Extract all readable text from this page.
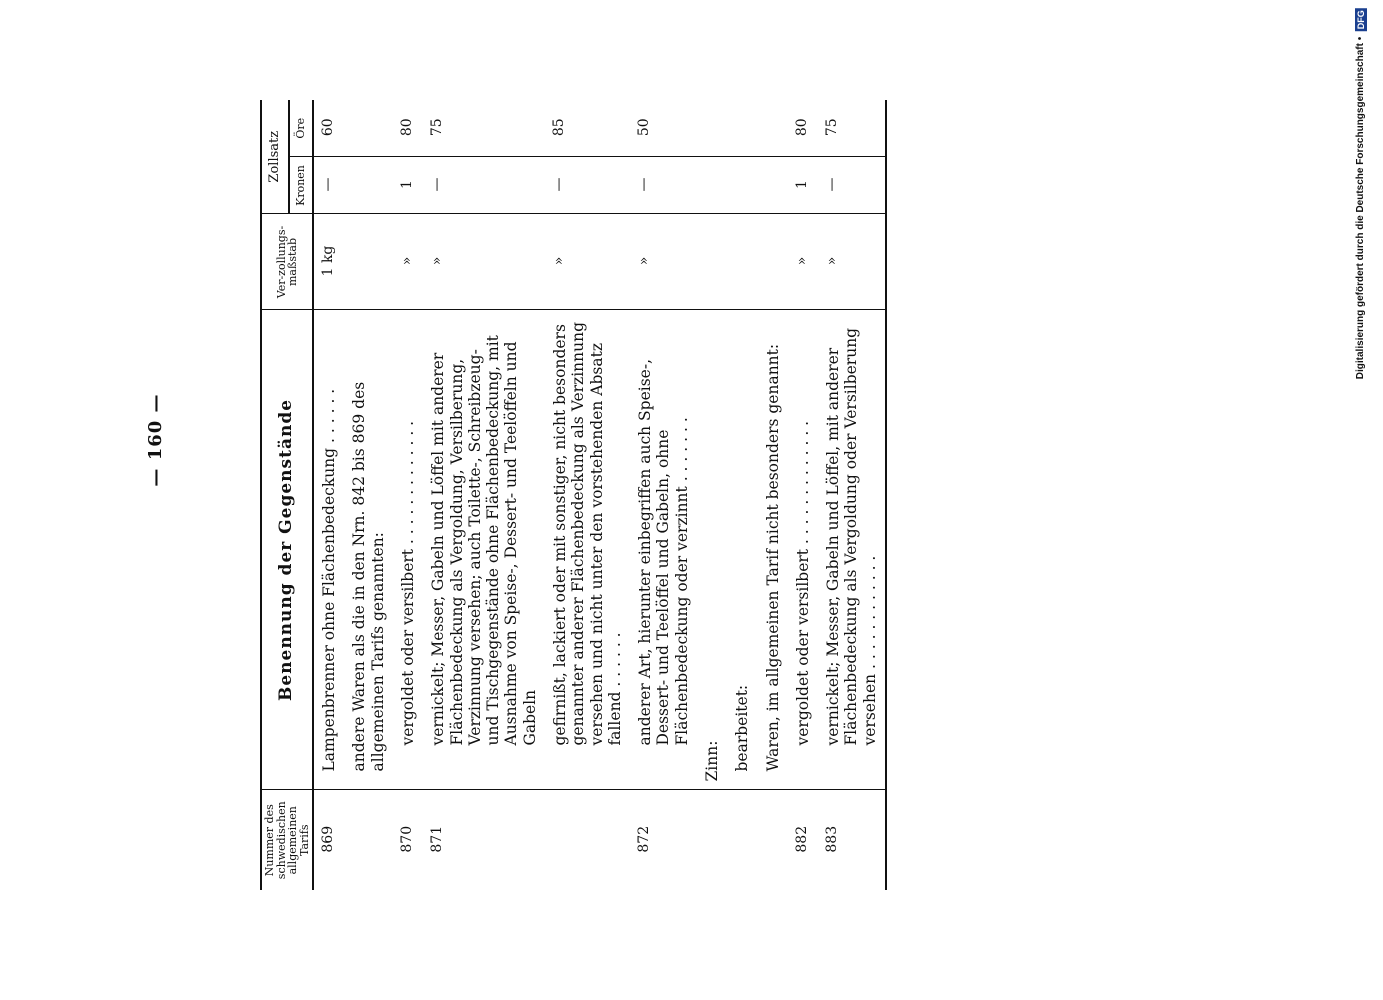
— 160 —
Nummer des schwedischen allgemeinen Tarifs	Benennung der Gegenstände	Ver-zollungs-maßstab	Zollsatz	
			Kronen	Öre
869	Lampenbrenner ohne Flächenbedeckung . . . . . .	1 kg	—	60

	andere Waren als die in den Nrn. 842 bis 869 des allgemeinen Tarifs genannten:			

870	vergoldet oder versilbert . . . . . . . . . . . . .	»	1	80
871	vernickelt; Messer, Gabeln und Löffel mit anderer Flächenbedeckung als Vergoldung, Versilberung, Verzinnung versehen; auch Toilette-, Schreibzeug- und Tischgegenstände ohne Flächenbedeckung, mit Ausnahme von Speise-, Dessert- und Teelöffeln und Gabeln	»	—	75

	gefirnißt, lackiert oder mit sonstiger, nicht besonders genannter anderer Flächenbedeckung als Verzinnung versehen und nicht unter den vorstehenden Absatz fallend . . . . . .	»	—	85
872	anderer Art, hierunter einbegriffen auch Speise-, Dessert- und Teelöffel und Gabeln, ohne Flächenbedeckung oder verzinnt . . . . . . .	»	—	50

	Zinn:			

	bearbeitet:			

	Waren, im allgemeinen Tarif nicht besonders genannt:			

882	vergoldet oder versilbert . . . . . . . . . . . . .	»	1	80
883	vernickelt; Messer, Gabeln und Löffel, mit anderer Flächenbedeckung als Vergoldung oder Versilberung versehen . . . . . . . . . . . .	»	—	75	Digitalisierung gefördert durch die Deutsche Forschungsgemeinschaft • DFG
